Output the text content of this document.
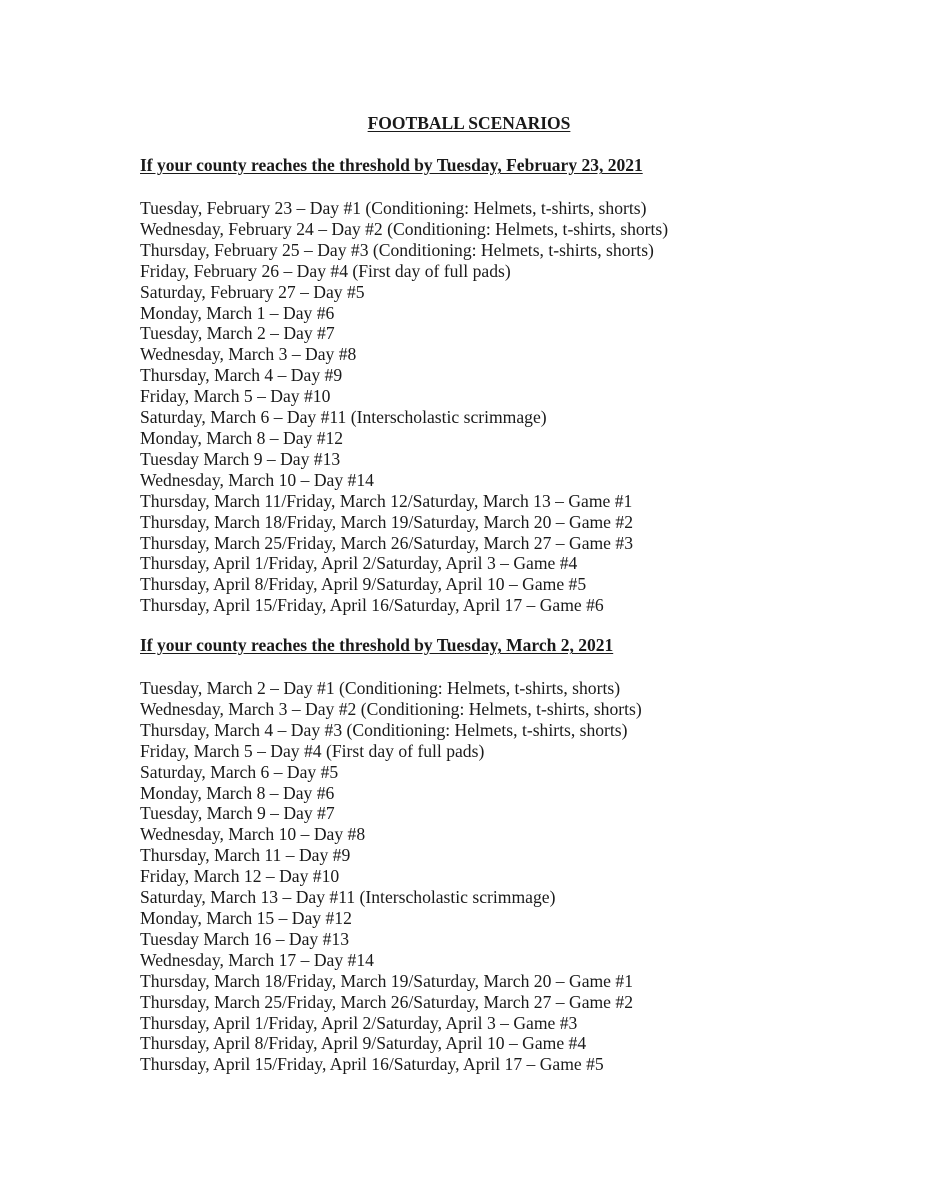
FOOTBALL SCENARIOS
If your county reaches the threshold by Tuesday, February 23, 2021
Tuesday, February 23 – Day #1 (Conditioning: Helmets, t-shirts, shorts)
Wednesday, February 24 – Day #2 (Conditioning: Helmets, t-shirts, shorts)
Thursday, February 25 – Day #3 (Conditioning: Helmets, t-shirts, shorts)
Friday, February 26 – Day #4 (First day of full pads)
Saturday, February 27 – Day #5
Monday, March 1 – Day #6
Tuesday, March 2 – Day #7
Wednesday, March 3 – Day #8
Thursday, March 4 – Day #9
Friday, March 5 – Day #10
Saturday, March 6 – Day #11 (Interscholastic scrimmage)
Monday, March 8 – Day #12
Tuesday March 9 – Day #13
Wednesday, March 10 – Day #14
Thursday, March 11/Friday, March 12/Saturday, March 13 – Game #1
Thursday, March 18/Friday, March 19/Saturday, March 20 – Game #2
Thursday, March 25/Friday, March 26/Saturday, March 27 – Game #3
Thursday, April 1/Friday, April 2/Saturday, April 3 – Game #4
Thursday, April 8/Friday, April 9/Saturday, April 10 – Game #5
Thursday, April 15/Friday, April 16/Saturday, April 17 – Game #6
If your county reaches the threshold by Tuesday, March 2, 2021
Tuesday, March 2 – Day #1 (Conditioning: Helmets, t-shirts, shorts)
Wednesday, March 3 – Day #2 (Conditioning: Helmets, t-shirts, shorts)
Thursday, March 4 – Day #3 (Conditioning: Helmets, t-shirts, shorts)
Friday, March 5 – Day #4 (First day of full pads)
Saturday, March 6 – Day #5
Monday, March 8 – Day #6
Tuesday, March 9 – Day #7
Wednesday, March 10 – Day #8
Thursday, March 11 – Day #9
Friday, March 12 – Day #10
Saturday, March 13 – Day #11 (Interscholastic scrimmage)
Monday, March 15 – Day #12
Tuesday March 16 – Day #13
Wednesday, March 17 – Day #14
Thursday, March 18/Friday, March 19/Saturday, March 20 – Game #1
Thursday, March 25/Friday, March 26/Saturday, March 27 – Game #2
Thursday, April 1/Friday, April 2/Saturday, April 3 – Game #3
Thursday, April 8/Friday, April 9/Saturday, April 10 – Game #4
Thursday, April 15/Friday, April 16/Saturday, April 17 – Game #5
